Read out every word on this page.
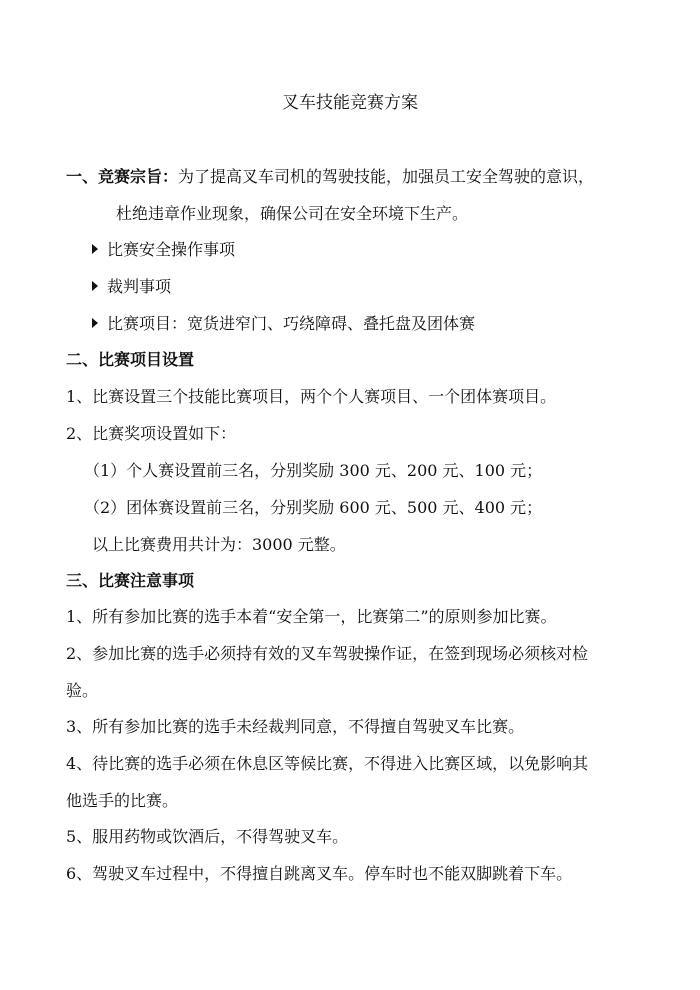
叉车技能竞赛方案
一、竞赛宗旨：为了提高叉车司机的驾驶技能，加强员工安全驾驶的意识，
杜绝违章作业现象，确保公司在安全环境下生产。
比赛安全操作事项
裁判事项
比赛项目：宽货进窄门、巧绕障碍、叠托盘及团体赛
二、比赛项目设置
1、比赛设置三个技能比赛项目，两个个人赛项目、一个团体赛项目。
2、比赛奖项设置如下：
（1）个人赛设置前三名，分别奖励 300 元、200 元、100 元；
（2）团体赛设置前三名，分别奖励 600 元、500 元、400 元；
以上比赛费用共计为：3000 元整。
三、比赛注意事项
1、所有参加比赛的选手本着“安全第一，比赛第二”的原则参加比赛。
2、参加比赛的选手必须持有效的叉车驾驶操作证，在签到现场必须核对检
验。
3、所有参加比赛的选手未经裁判同意，不得擅自驾驶叉车比赛。
4、待比赛的选手必须在休息区等候比赛，不得进入比赛区域，以免影响其
他选手的比赛。
5、服用药物或饮酒后，不得驾驶叉车。
6、驾驶叉车过程中，不得擅自跳离叉车。停车时也不能双脚跳着下车。
